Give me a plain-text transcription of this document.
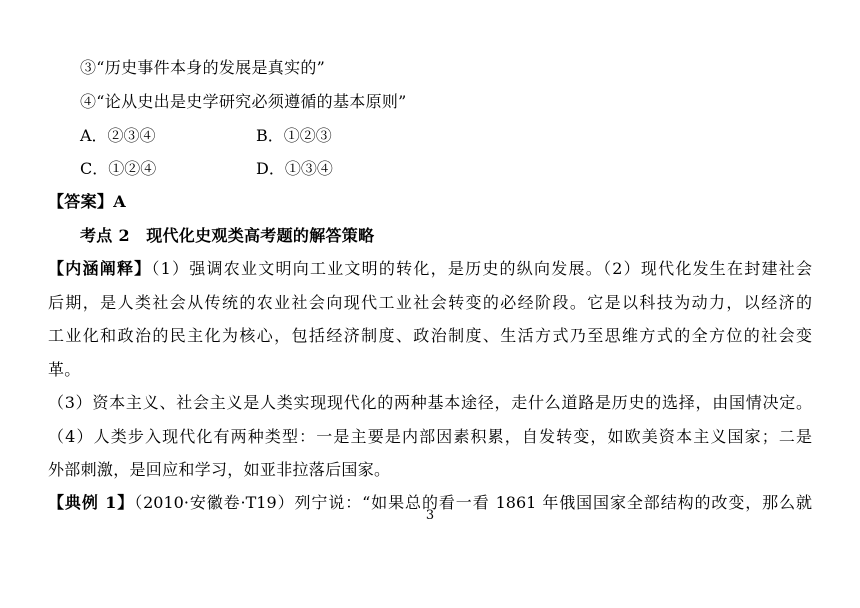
③“历史事件本身的发展是真实的”
④“论从史出是史学研究必须遵循的基本原则”
A．②③④	B．①②③
C．①②④	D．①③④
【答案】A
考点 2　现代化史观类高考题的解答策略
【内涵阐释】（1）强调农业文明向工业文明的转化，是历史的纵向发展。（2）现代化发生在封建社会
后期，是人类社会从传统的农业社会向现代工业社会转变的必经阶段。它是以科技为动力，以经济的
工业化和政治的民主化为核心，包括经济制度、政治制度、生活方式乃至思维方式的全方位的社会变
革。
（3）资本主义、社会主义是人类实现现代化的两种基本途径，走什么道路是历史的选择，由国情决定。
（4）人类步入现代化有两种类型：一是主要是内部因素积累，自发转变，如欧美资本主义国家；二是
外部刺激，是回应和学习，如亚非拉落后国家。
【典例 1】（2010·安徽卷·T19）列宁说：“如果总的看一看 1861 年俄国国家全部结构的改变，那么就
3
